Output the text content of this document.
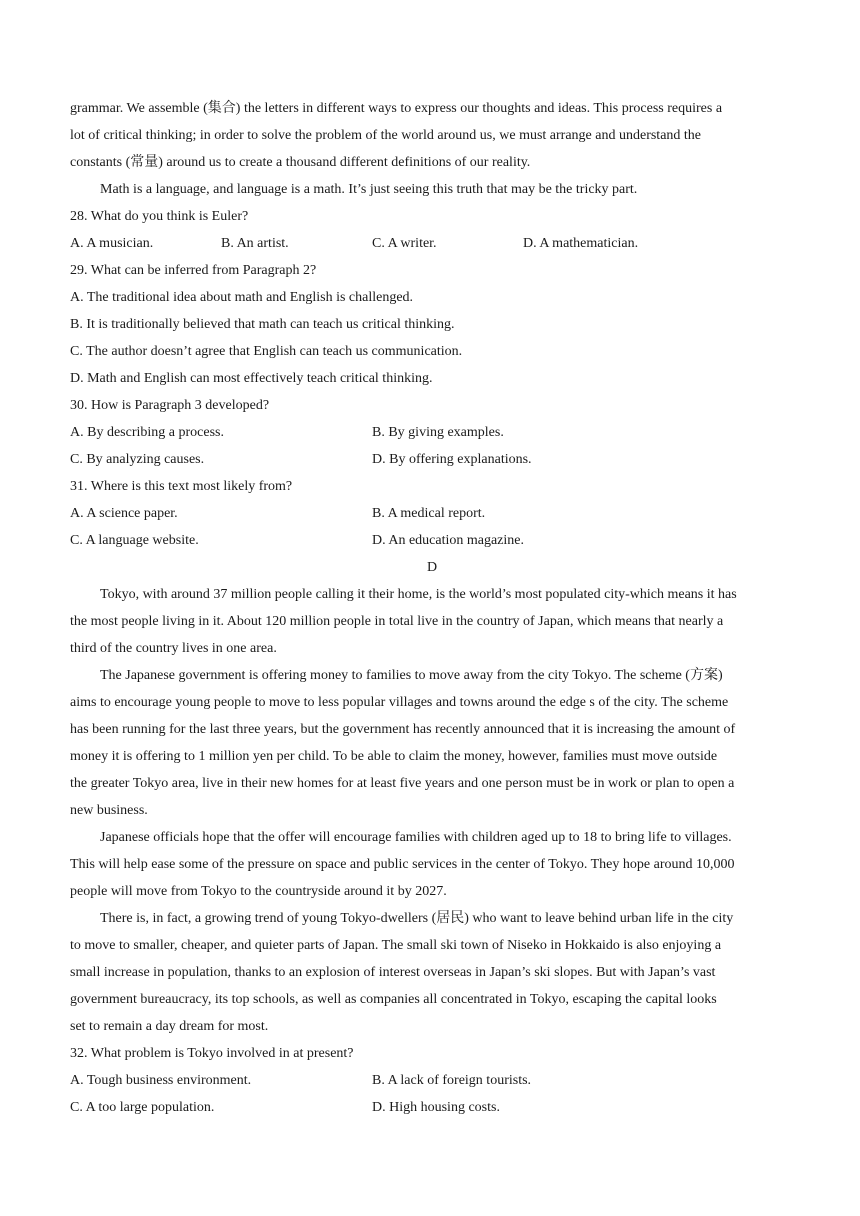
grammar. We assemble (集合) the letters in different ways to express our thoughts and ideas. This process requires a
lot of critical thinking; in order to solve the problem of the world around us, we must arrange and understand the
constants (常量) around us to create a thousand different definitions of our reality.
Math is a language, and language is a math. It’s just seeing this truth that may be the tricky part.
28. What do you think is Euler?
A. A musician.	B. An artist.	C. A writer.	D. A mathematician.
29. What can be inferred from Paragraph 2?
A. The traditional idea about math and English is challenged.
B. It is traditionally believed that math can teach us critical thinking.
C. The author doesn’t agree that English can teach us communication.
D. Math and English can most effectively teach critical thinking.
30. How is Paragraph 3 developed?
A. By describing a process.	B. By giving examples.
C. By analyzing causes.	D. By offering explanations.
31. Where is this text most likely from?
A. A science paper.	B. A medical report.
C. A language website.	D. An education magazine.
D
Tokyo, with around 37 million people calling it their home, is the world’s most populated city-which means it has
the most people living in it. About 120 million people in total live in the country of Japan, which means that nearly a
third of the country lives in one area.
The Japanese government is offering money to families to move away from the city Tokyo. The scheme (方案)
aims to encourage young people to move to less popular villages and towns around the edge s of the city. The scheme
has been running for the last three years, but the government has recently announced that it is increasing the amount of
money it is offering to 1 million yen per child. To be able to claim the money, however, families must move outside
the greater Tokyo area, live in their new homes for at least five years and one person must be in work or plan to open a
new business.
Japanese officials hope that the offer will encourage families with children aged up to 18 to bring life to villages.
This will help ease some of the pressure on space and public services in the center of Tokyo. They hope around 10,000
people will move from Tokyo to the countryside around it by 2027.
There is, in fact, a growing trend of young Tokyo-dwellers (居民) who want to leave behind urban life in the city
to move to smaller, cheaper, and quieter parts of Japan. The small ski town of Niseko in Hokkaido is also enjoying a
small increase in population, thanks to an explosion of interest overseas in Japan’s ski slopes. But with Japan’s vast
government bureaucracy, its top schools, as well as companies all concentrated in Tokyo, escaping the capital looks
set to remain a day dream for most.
32. What problem is Tokyo involved in at present?
A. Tough business environment.	B. A lack of foreign tourists.
C. A too large population.	D. High housing costs.
